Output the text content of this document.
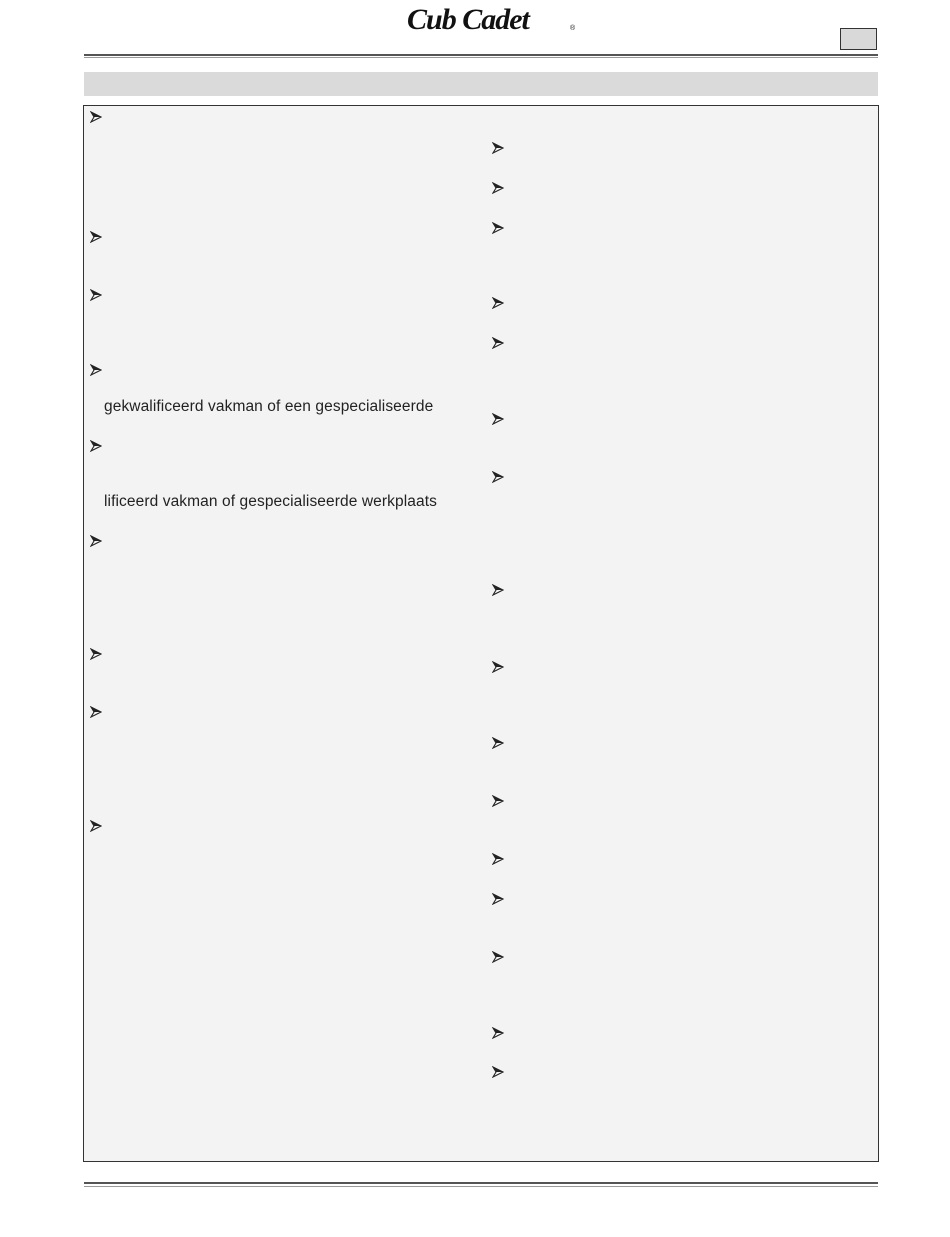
Cub Cadet	®
gekwalificeerd vakman of een gespecialiseerde
lificeerd vakman of gespecialiseerde werkplaats
